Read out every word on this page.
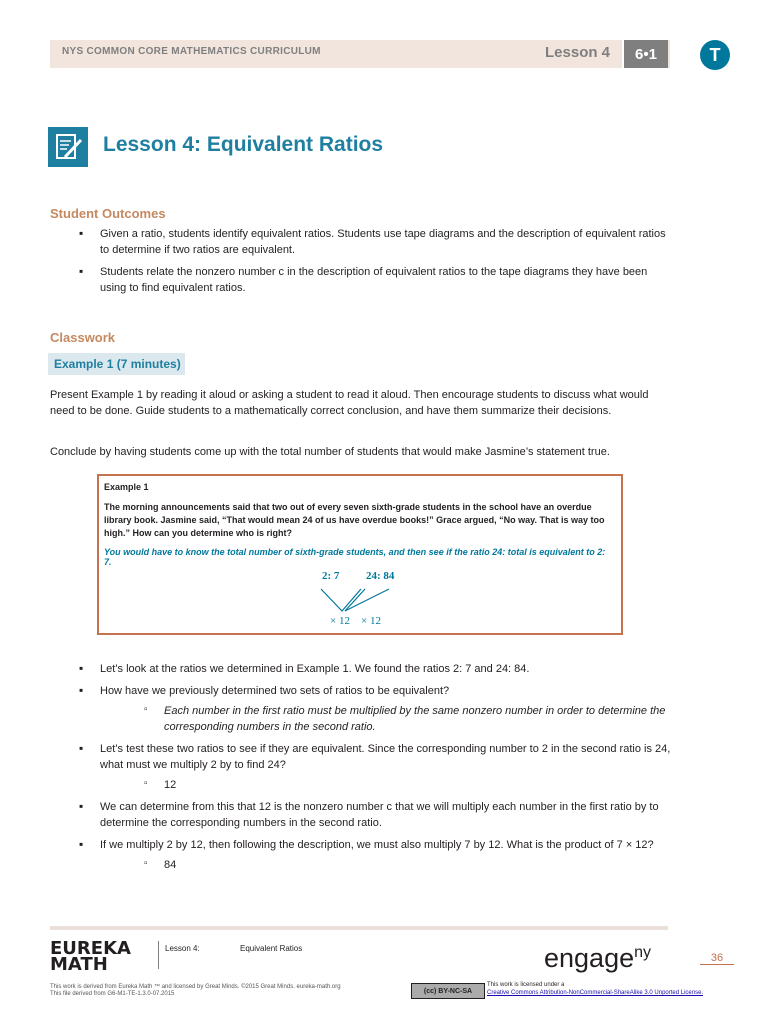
NYS COMMON CORE MATHEMATICS CURRICULUM	Lesson 4	6•1	T
Lesson 4: Equivalent Ratios
Student Outcomes
▪ Given a ratio, students identify equivalent ratios. Students use tape diagrams and the description of equivalent ratios to determine if two ratios are equivalent.
▪ Students relate the nonzero number c in the description of equivalent ratios to the tape diagrams they have been using to find equivalent ratios.
Classwork
Example 1 (7 minutes)
Present Example 1 by reading it aloud or asking a student to read it aloud. Then encourage students to discuss what would need to be done. Guide students to a mathematically correct conclusion, and have them summarize their decisions.
Conclude by having students come up with the total number of students that would make Jasmine’s statement true.
Example 1
The morning announcements said that two out of every seven sixth-grade students in the school have an overdue library book. Jasmine said, “That would mean 24 of us have overdue books!” Grace argued, “No way. That is way too high.” How can you determine who is right?
You would have to know the total number of sixth-grade students, and then see if the ratio 24: total is equivalent to 2: 7.
2: 7 24: 84
× 12 × 12
▪ Let’s look at the ratios we determined in Example 1. We found the ratios 2: 7 and 24: 84.
▪ How have we previously determined two sets of ratios to be equivalent?
▫ Each number in the first ratio must be multiplied by the same nonzero number in order to determine the corresponding numbers in the second ratio.
▪ Let’s test these two ratios to see if they are equivalent. Since the corresponding number to 2 in the second ratio is 24, what must we multiply 2 by to find 24?
▫ 12
▪ We can determine from this that 12 is the nonzero number c that we will multiply each number in the first ratio by to determine the corresponding numbers in the second ratio.
▪ If we multiply 2 by 12, then following the description, we must also multiply 7 by 12. What is the product of 7 × 12?
▫ 84
EUREKA
MATH
Lesson 4:	Equivalent Ratios	engage$^{ny}$	36
This work is derived from Eureka Math ™ and licensed by Great Minds. ©2015 Great Minds. eureka-math.org
This file derived from G6-M1-TE-1.3.0-07.2015	(cc) BY-NC-SA
This work is licensed under a
Creative Commons Attribution-NonCommercial-ShareAlike 3.0 Unported License.
